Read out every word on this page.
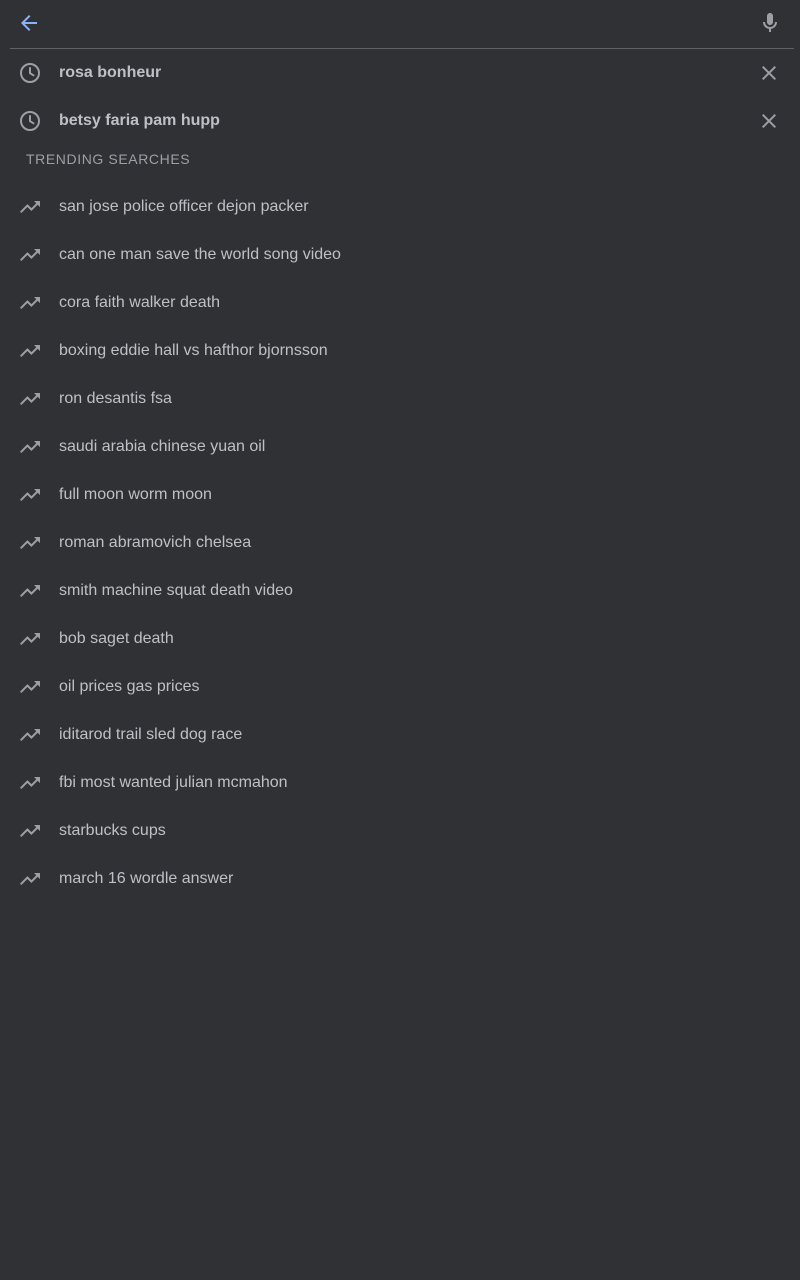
rosa bonheur
betsy faria pam hupp
TRENDING SEARCHES
san jose police officer dejon packer
can one man save the world song video
cora faith walker death
boxing eddie hall vs hafthor bjornsson
ron desantis fsa
saudi arabia chinese yuan oil
full moon worm moon
roman abramovich chelsea
smith machine squat death video
bob saget death
oil prices gas prices
iditarod trail sled dog race
fbi most wanted julian mcmahon
starbucks cups
march 16 wordle answer
